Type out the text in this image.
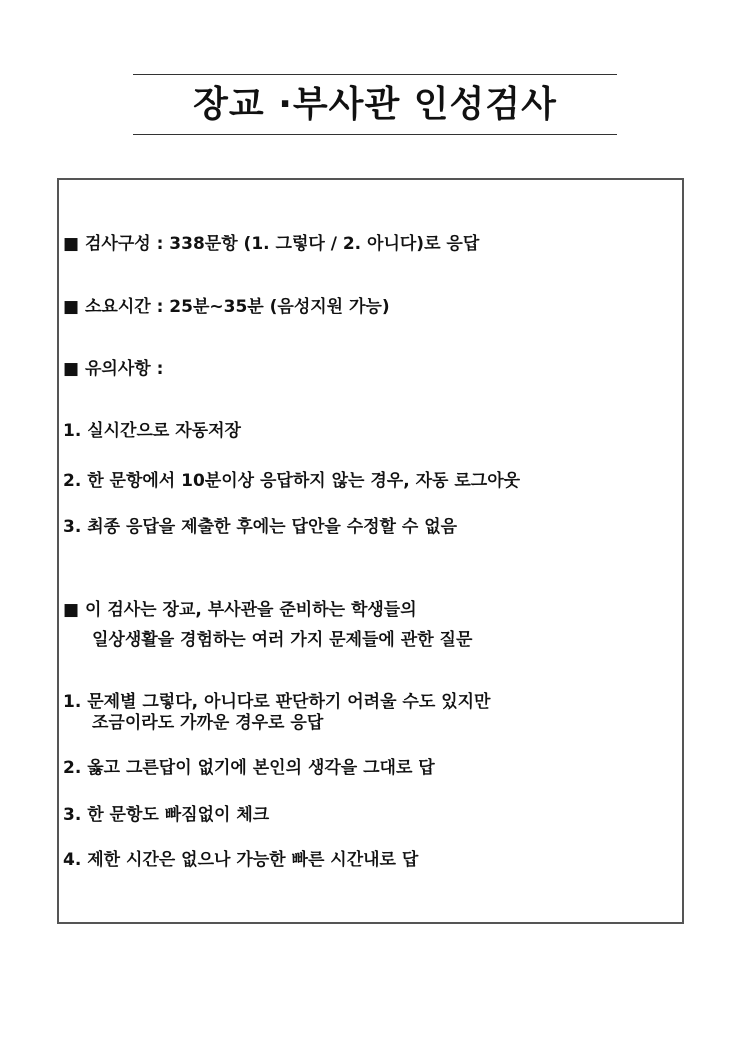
장교 ·부사관 인성검사
■ 검사구성 : 338문항 (1. 그렇다 / 2. 아니다)로 응답
■ 소요시간 : 25분~35분 (음성지원 가능)
■ 유의사항 :
1. 실시간으로 자동저장
2. 한 문항에서 10분이상 응답하지 않는 경우, 자동 로그아웃
3. 최종 응답을 제출한 후에는 답안을 수정할 수 없음
■ 이 검사는 장교, 부사관을 준비하는 학생들의
일상생활을 경험하는 여러 가지 문제들에 관한 질문
1. 문제별 그렇다, 아니다로 판단하기 어려울 수도 있지만
조금이라도 가까운 경우로 응답
2. 옳고 그른답이 없기에 본인의 생각을 그대로 답
3. 한 문항도 빠짐없이 체크
4. 제한 시간은 없으나 가능한 빠른 시간내로 답
